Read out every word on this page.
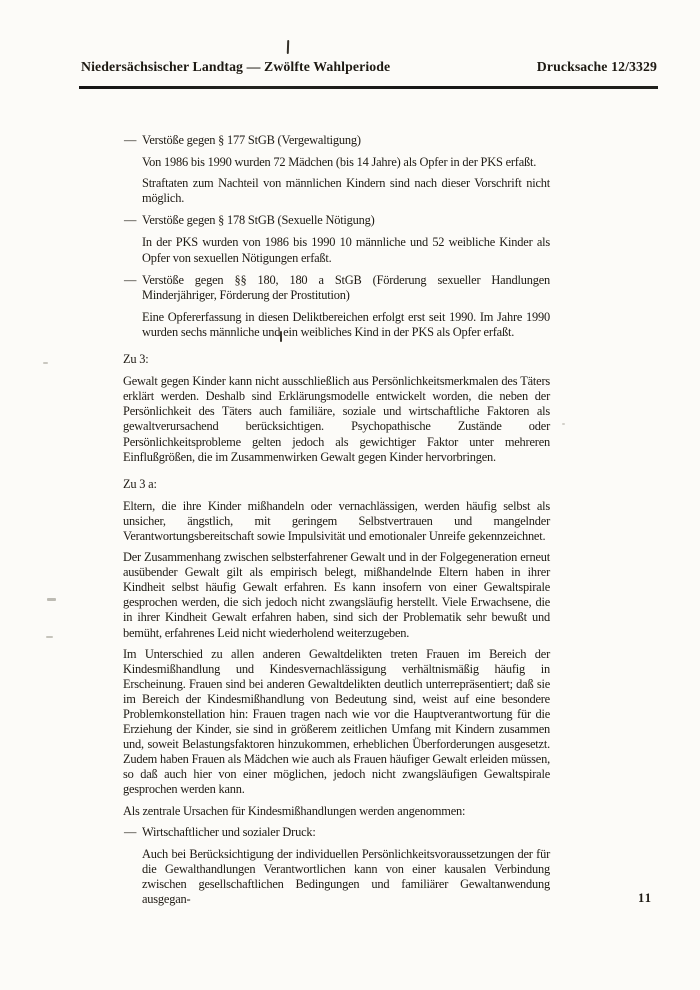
Niedersächsischer Landtag — Zwölfte Wahlperiode	Drucksache 12/3329

— Verstöße gegen § 177 StGB (Vergewaltigung)

Von 1986 bis 1990 wurden 72 Mädchen (bis 14 Jahre) als Opfer in der PKS erfaßt.

Straftaten zum Nachteil von männlichen Kindern sind nach dieser Vorschrift nicht möglich.

— Verstöße gegen § 178 StGB (Sexuelle Nötigung)

In der PKS wurden von 1986 bis 1990 10 männliche und 52 weibliche Kinder als Opfer von sexuellen Nötigungen erfaßt.

— Verstöße gegen §§ 180, 180 a StGB (Förderung sexueller Handlungen Minderjähriger, Förderung der Prostitution)

Eine Opfererfassung in diesen Deliktbereichen erfolgt erst seit 1990. Im Jahre 1990 wurden sechs männliche und ein weibliches Kind in der PKS als Opfer erfaßt.

Zu 3:

Gewalt gegen Kinder kann nicht ausschließlich aus Persönlichkeitsmerkmalen des Täters erklärt werden. Deshalb sind Erklärungsmodelle entwickelt worden, die neben der Persönlichkeit des Täters auch familiäre, soziale und wirtschaftliche Faktoren als gewaltverursachend berücksichtigen. Psychopathische Zustände oder Persönlichkeitsprobleme gelten jedoch als gewichtiger Faktor unter mehreren Einflußgrößen, die im Zusammenwirken Gewalt gegen Kinder hervorbringen.

Zu 3 a:

Eltern, die ihre Kinder mißhandeln oder vernachlässigen, werden häufig selbst als unsicher, ängstlich, mit geringem Selbstvertrauen und mangelnder Verantwortungsbereitschaft sowie Impulsivität und emotionaler Unreife gekennzeichnet.

Der Zusammenhang zwischen selbsterfahrener Gewalt und in der Folgegeneration erneut ausübender Gewalt gilt als empirisch belegt, mißhandelnde Eltern haben in ihrer Kindheit selbst häufig Gewalt erfahren. Es kann insofern von einer Gewaltspirale gesprochen werden, die sich jedoch nicht zwangsläufig herstellt. Viele Erwachsene, die in ihrer Kindheit Gewalt erfahren haben, sind sich der Problematik sehr bewußt und bemüht, erfahrenes Leid nicht wiederholend weiterzugeben.

Im Unterschied zu allen anderen Gewaltdelikten treten Frauen im Bereich der Kindesmißhandlung und Kindesvernachlässigung verhältnismäßig häufig in Erscheinung. Frauen sind bei anderen Gewaltdelikten deutlich unterrepräsentiert; daß sie im Bereich der Kindesmißhandlung von Bedeutung sind, weist auf eine besondere Problemkonstellation hin: Frauen tragen nach wie vor die Hauptverantwortung für die Erziehung der Kinder, sie sind in größerem zeitlichen Umfang mit Kindern zusammen und, soweit Belastungsfaktoren hinzukommen, erheblichen Überforderungen ausgesetzt. Zudem haben Frauen als Mädchen wie auch als Frauen häufiger Gewalt erleiden müssen, so daß auch hier von einer möglichen, jedoch nicht zwangsläufigen Gewaltspirale gesprochen werden kann.

Als zentrale Ursachen für Kindesmißhandlungen werden angenommen:

— Wirtschaftlicher und sozialer Druck:

Auch bei Berücksichtigung der individuellen Persönlichkeitsvoraussetzungen der für die Gewalthandlungen Verantwortlichen kann von einer kausalen Verbindung zwischen gesellschaftlichen Bedingungen und familiärer Gewaltanwendung ausgegan-	11
